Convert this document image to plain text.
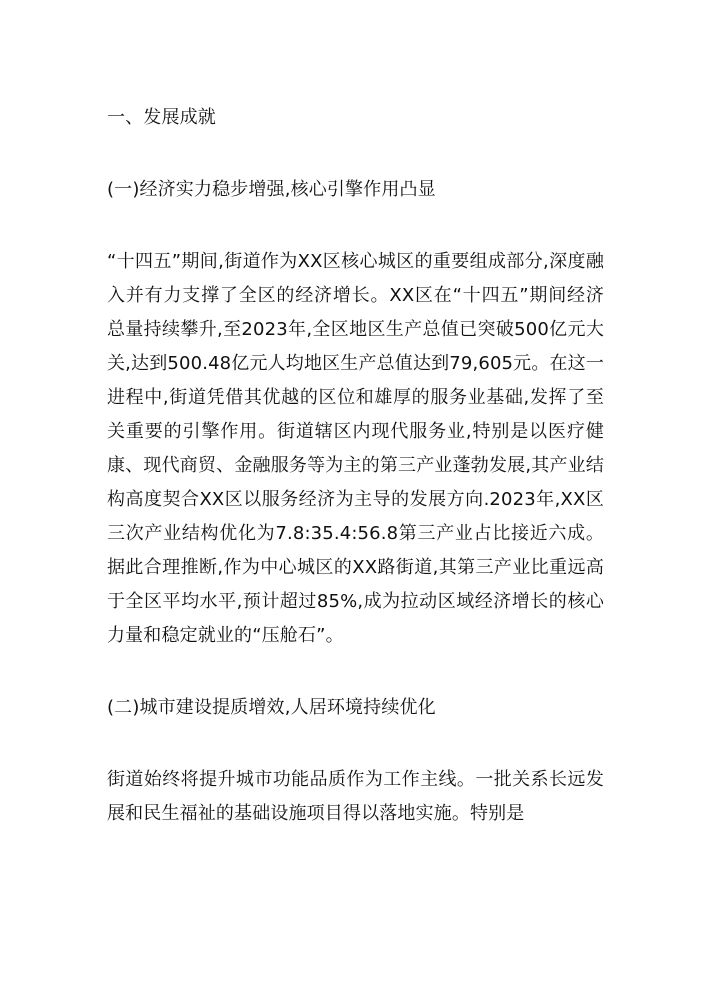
一、发展成就
(一)经济实力稳步增强,核心引擎作用凸显

“十四五”期间,街道作为XX区核心城区的重要组成部分,深度融入并有力支撑了全区的经济增长。XX区在“十四五”期间经济总量持续攀升,至2023年,全区地区生产总值已突破500亿元大关,达到500.48亿元人均地区生产总值达到79,605元。在这一进程中,街道凭借其优越的区位和雄厚的服务业基础,发挥了至关重要的引擎作用。街道辖区内现代服务业,特别是以医疗健康、现代商贸、金融服务等为主的第三产业蓬勃发展,其产业结构高度契合XX区以服务经济为主导的发展方向.2023年,XX区三次产业结构优化为7.8:35.4:56.8第三产业占比接近六成。据此合理推断,作为中心城区的XX路街道,其第三产业比重远高于全区平均水平,预计超过85%,成为拉动区域经济增长的核心力量和稳定就业的“压舱石”。

(二)城市建设提质增效,人居环境持续优化

街道始终将提升城市功能品质作为工作主线。一批关系长远发展和民生福祉的基础设施项目得以落地实施。特别是
